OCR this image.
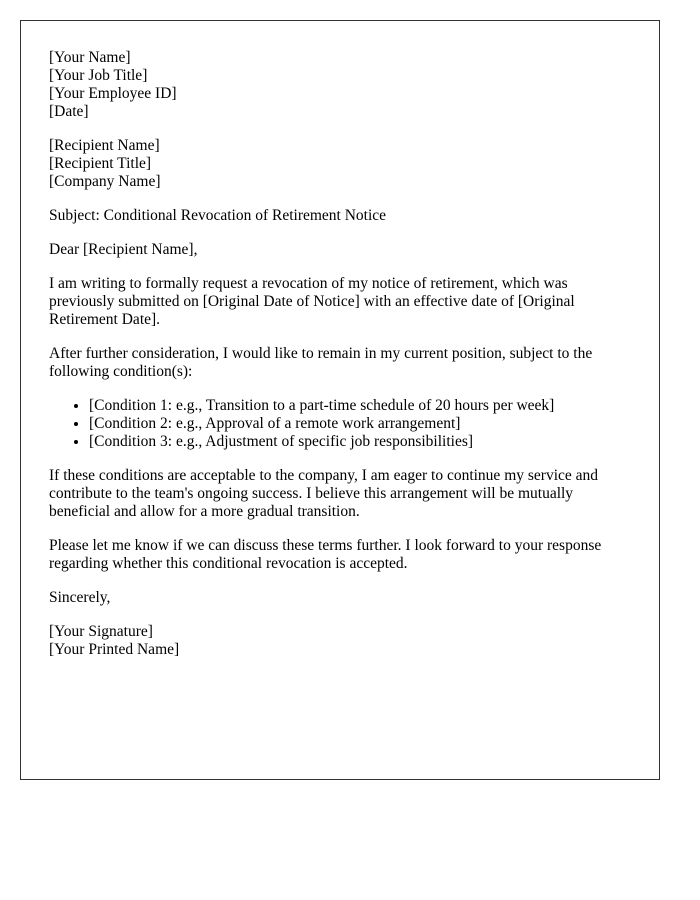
[Your Name]
[Your Job Title]
[Your Employee ID]
[Date]
[Recipient Name]
[Recipient Title]
[Company Name]

Subject: Conditional Revocation of Retirement Notice

Dear [Recipient Name],

I am writing to formally request a revocation of my notice of retirement, which was previously submitted on [Original Date of Notice] with an effective date of [Original Retirement Date].

After further consideration, I would like to remain in my current position, subject to the following condition(s):

• [Condition 1: e.g., Transition to a part-time schedule of 20 hours per week]
• [Condition 2: e.g., Approval of a remote work arrangement]
• [Condition 3: e.g., Adjustment of specific job responsibilities]

If these conditions are acceptable to the company, I am eager to continue my service and contribute to the team's ongoing success. I believe this arrangement will be mutually beneficial and allow for a more gradual transition.

Please let me know if we can discuss these terms further. I look forward to your response regarding whether this conditional revocation is accepted.

Sincerely,

[Your Signature]
[Your Printed Name]
